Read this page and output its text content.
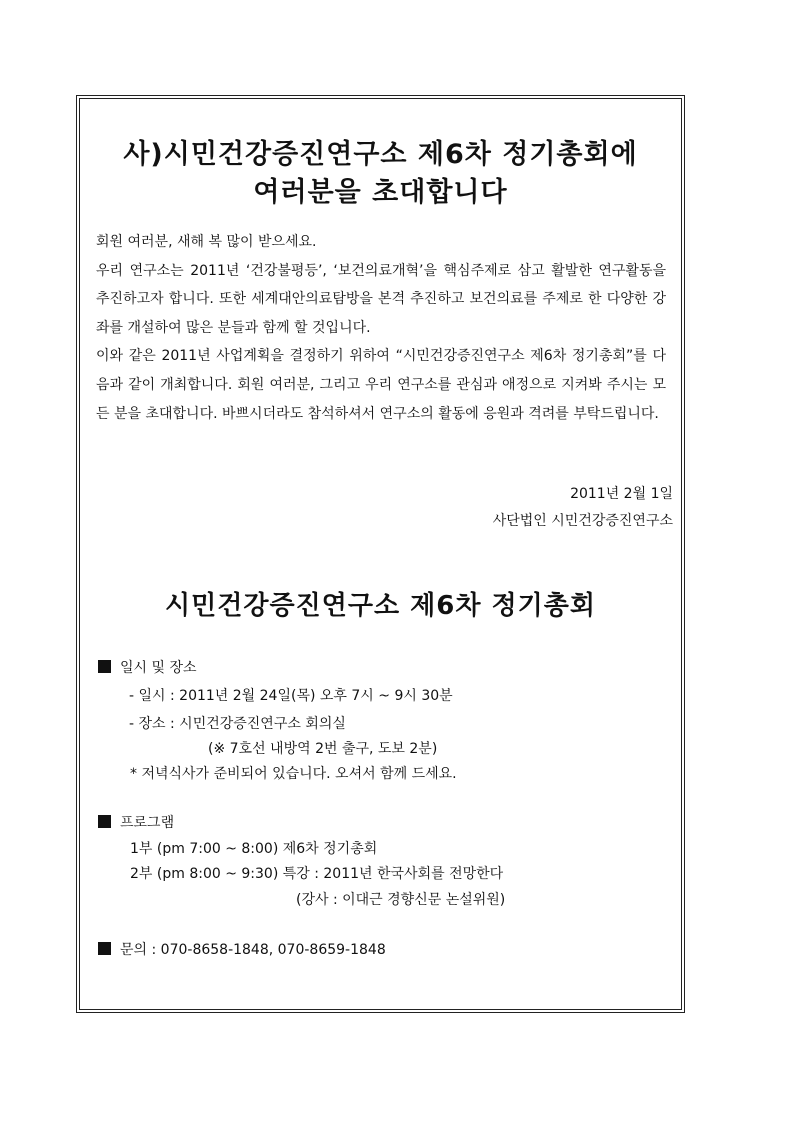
사)시민건강증진연구소 제6차 정기총회에
여러분을 초대합니다

회원 여러분, 새해 복 많이 받으세요.

우리 연구소는 2011년 ‘건강불평등’, ‘보건의료개혁’을 핵심주제로 삼고 활발한 연구활동을 추진하고자 합니다. 또한 세계대안의료탐방을 본격 추진하고 보건의료를 주제로 한 다양한 강좌를 개설하여 많은 분들과 함께 할 것입니다.

이와 같은 2011년 사업계획을 결정하기 위하여 “시민건강증진연구소 제6차 정기총회”를 다음과 같이 개최합니다. 회원 여러분, 그리고 우리 연구소를 관심과 애정으로 지켜봐 주시는 모든 분을 초대합니다. 바쁘시더라도 참석하셔서 연구소의 활동에 응원과 격려를 부탁드립니다.

2011년 2월 1일
사단법인 시민건강증진연구소
시민건강증진연구소 제6차 정기총회
일시 및 장소
- 일시 : 2011년 2월 24일(목) 오후 7시 ~ 9시 30분
- 장소 : 시민건강증진연구소 회의실
(※ 7호선 내방역 2번 출구, 도보 2분)
* 저녁식사가 준비되어 있습니다. 오셔서 함께 드세요.
프로그램
1부 (pm 7:00 ~ 8:00) 제6차 정기총회
2부 (pm 8:00 ~ 9:30) 특강 : 2011년 한국사회를 전망한다
(강사 : 이대근 경향신문 논설위원)
문의 : 070-8658-1848, 070-8659-1848
